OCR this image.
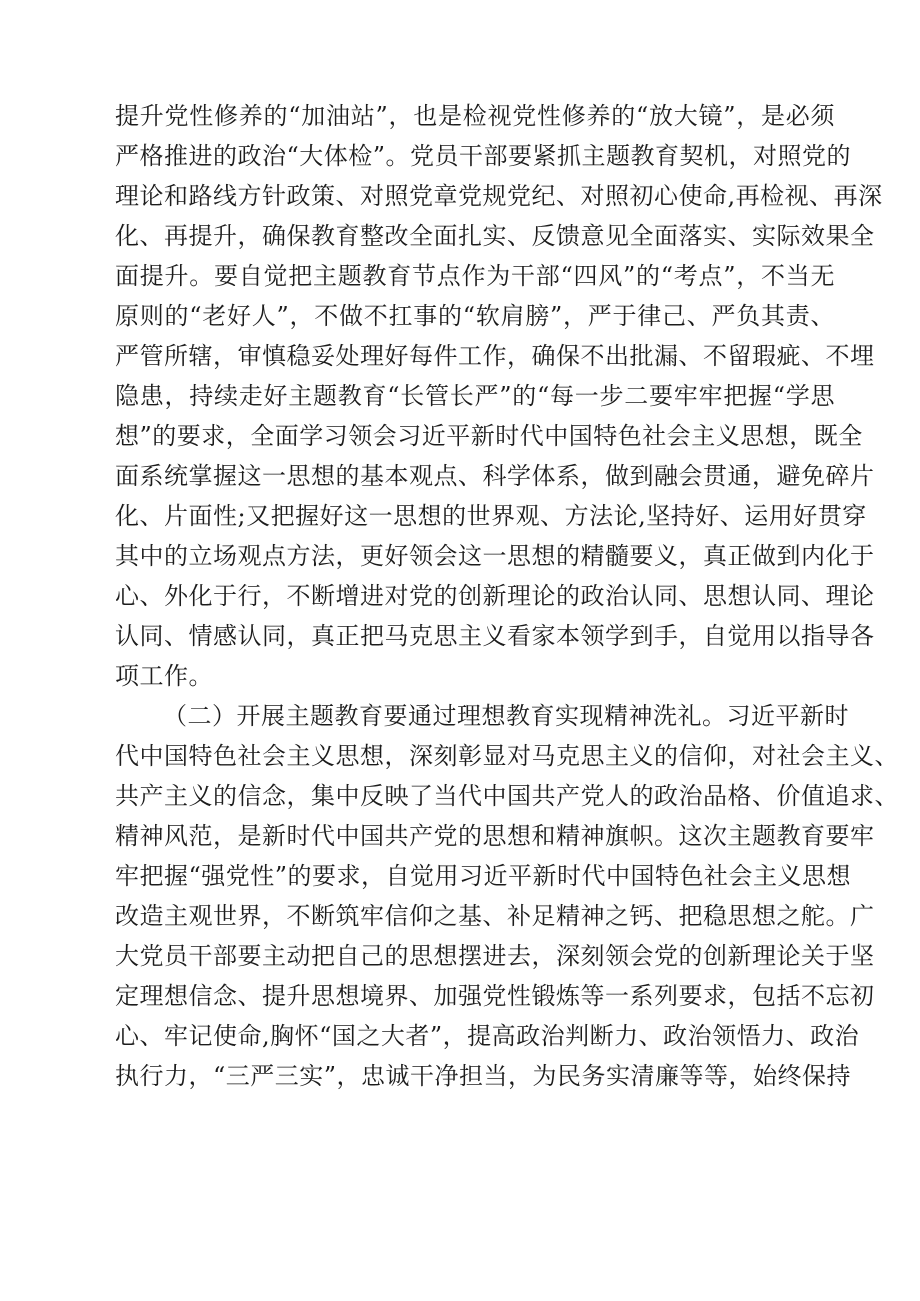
提升党性修养的“加油站”，也是检视党性修养的“放大镜”，是必须
严格推进的政治“大体检”。党员干部要紧抓主题教育契机，对照党的
理论和路线方针政策、对照党章党规党纪、对照初心使命,再检视、再深
化、再提升，确保教育整改全面扎实、反馈意见全面落实、实际效果全
面提升。要自觉把主题教育节点作为干部“四风”的“考点”，不当无
原则的“老好人”，不做不扛事的“软肩膀”，严于律己、严负其责、
严管所辖，审慎稳妥处理好每件工作，确保不出批漏、不留瑕疵、不埋
隐患，持续走好主题教育“长管长严”的“每一步二要牢牢把握“学思
想”的要求，全面学习领会习近平新时代中国特色社会主义思想，既全
面系统掌握这一思想的基本观点、科学体系，做到融会贯通，避免碎片
化、片面性;又把握好这一思想的世界观、方法论,坚持好、运用好贯穿
其中的立场观点方法，更好领会这一思想的精髓要义，真正做到内化于
心、外化于行，不断增进对党的创新理论的政治认同、思想认同、理论
认同、情感认同，真正把马克思主义看家本领学到手，自觉用以指导各
项工作。
（二）开展主题教育要通过理想教育实现精神洗礼。习近平新时
代中国特色社会主义思想，深刻彰显对马克思主义的信仰，对社会主义、
共产主义的信念，集中反映了当代中国共产党人的政治品格、价值追求、
精神风范，是新时代中国共产党的思想和精神旗帜。这次主题教育要牢
牢把握“强党性”的要求，自觉用习近平新时代中国特色社会主义思想
改造主观世界，不断筑牢信仰之基、补足精神之钙、把稳思想之舵。广
大党员干部要主动把自己的思想摆进去，深刻领会党的创新理论关于坚
定理想信念、提升思想境界、加强党性锻炼等一系列要求，包括不忘初
心、牢记使命,胸怀“国之大者”，提高政治判断力、政治领悟力、政治
执行力，“三严三实”，忠诚干净担当，为民务实清廉等等，始终保持
